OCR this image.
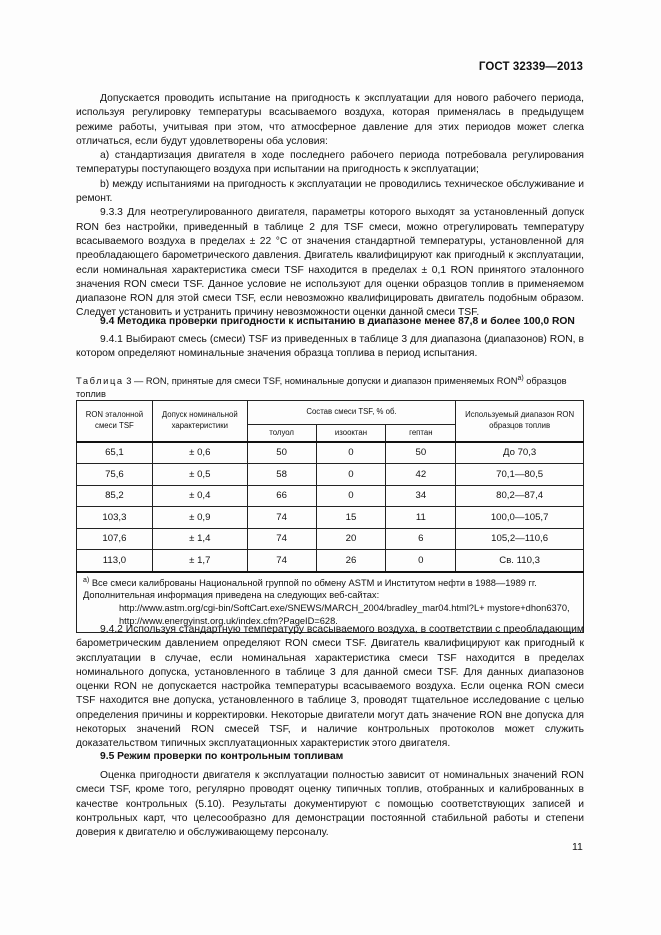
ГОСТ 32339—2013

Допускается проводить испытание на пригодность к эксплуатации для нового рабочего периода, используя регулировку температуры всасываемого воздуха, которая применялась в предыдущем режиме работы, учитывая при этом, что атмосферное давление для этих периодов может слегка отличаться, если будут удовлетворены оба условия:

a) стандартизация двигателя в ходе последнего рабочего периода потребовала регулирования температуры поступающего воздуха при испытании на пригодность к эксплуатации;

b) между испытаниями на пригодность к эксплуатации не проводились техническое обслуживание и ремонт.

9.3.3 Для неотрегулированного двигателя, параметры которого выходят за установленный допуск RON без настройки, приведенный в таблице 2 для TSF смеси, можно отрегулировать температуру всасываемого воздуха в пределах ± 22 °С от значения стандартной температуры, установленной для преобладающего барометрического давления. Двигатель квалифицируют как пригодный к эксплуатации, если номинальная характеристика смеси TSF находится в пределах ± 0,1 RON принятого эталонного значения RON смеси TSF. Данное условие не используют для оценки образцов топлив в применяемом диапазоне RON для этой смеси TSF, если невозможно квалифицировать двигатель подобным образом. Следует установить и устранить причину невозможности оценки данной смеси TSF.

9.4 Методика проверки пригодности к испытанию в диапазоне менее 87,8 и более 100,0 RON
9.4.1 Выбирают смесь (смеси) TSF из приведенных в таблице 3 для диапазона (диапазонов) RON, в котором определяют номинальные значения образца топлива в период испытания.
Таблица 3 — RON, принятые для смеси TSF, номинальные допуски и диапазон применяемых $RON^{а)}$ образцов топлив
RON эталонной смеси TSF	Допуск номинальной характеристики	Состав смеси TSF, % об.			Используемый диапазон RON образцов топлив
		толуол	изооктан	гептан	
65,1	± 0,6	50	0	50	До 70,3
75,6	± 0,5	58	0	42	70,1—80,5
85,2	± 0,4	66	0	34	80,2—87,4
103,3	± 0,9	74	15	11	100,0—105,7
107,6	± 1,4	74	20	6	105,2—110,6
113,0	± 1,7	74	26	0	Св. 110,3
$^{а)}$ Все смеси калиброваны Национальной группой по обмену ASTM и Институтом нефти в 1988—1989 гг.
Дополнительная информация приведена на следующих веб-сайтах:
http://www.astm.org/cgi-bin/SoftCart.exe/SNEWS/MARCH_2004/bradley_mar04.html?L+ mystore+dhon6370,
http://www.energyinst.org.uk/index.cfm?PageID=628.					
9.4.2 Используя стандартную температуру всасываемого воздуха, в соответствии с преобладающим барометрическим давлением определяют RON смеси TSF. Двигатель квалифицируют как пригодный к эксплуатации в случае, если номинальная характеристика смеси TSF находится в пределах номинального допуска, установленного в таблице 3 для данной смеси TSF. Для данных диапазонов оценки RON не допускается настройка температуры всасываемого воздуха. Если оценка RON смеси TSF находится вне допуска, установленного в таблице 3, проводят тщательное исследование с целью определения причины и корректировки. Некоторые двигатели могут дать значение RON вне допуска для некоторых значений RON смесей TSF, и наличие контрольных протоколов может служить доказательством типичных эксплуатационных характеристик этого двигателя.
9.5 Режим проверки по контрольным топливам
Оценка пригодности двигателя к эксплуатации полностью зависит от номинальных значений RON смеси TSF, кроме того, регулярно проводят оценку типичных топлив, отобранных и калиброванных в качестве контрольных (5.10). Результаты документируют с помощью соответствующих записей и контрольных карт, что целесообразно для демонстрации постоянной стабильной работы и степени доверия к двигателю и обслуживающему персоналу.
11
